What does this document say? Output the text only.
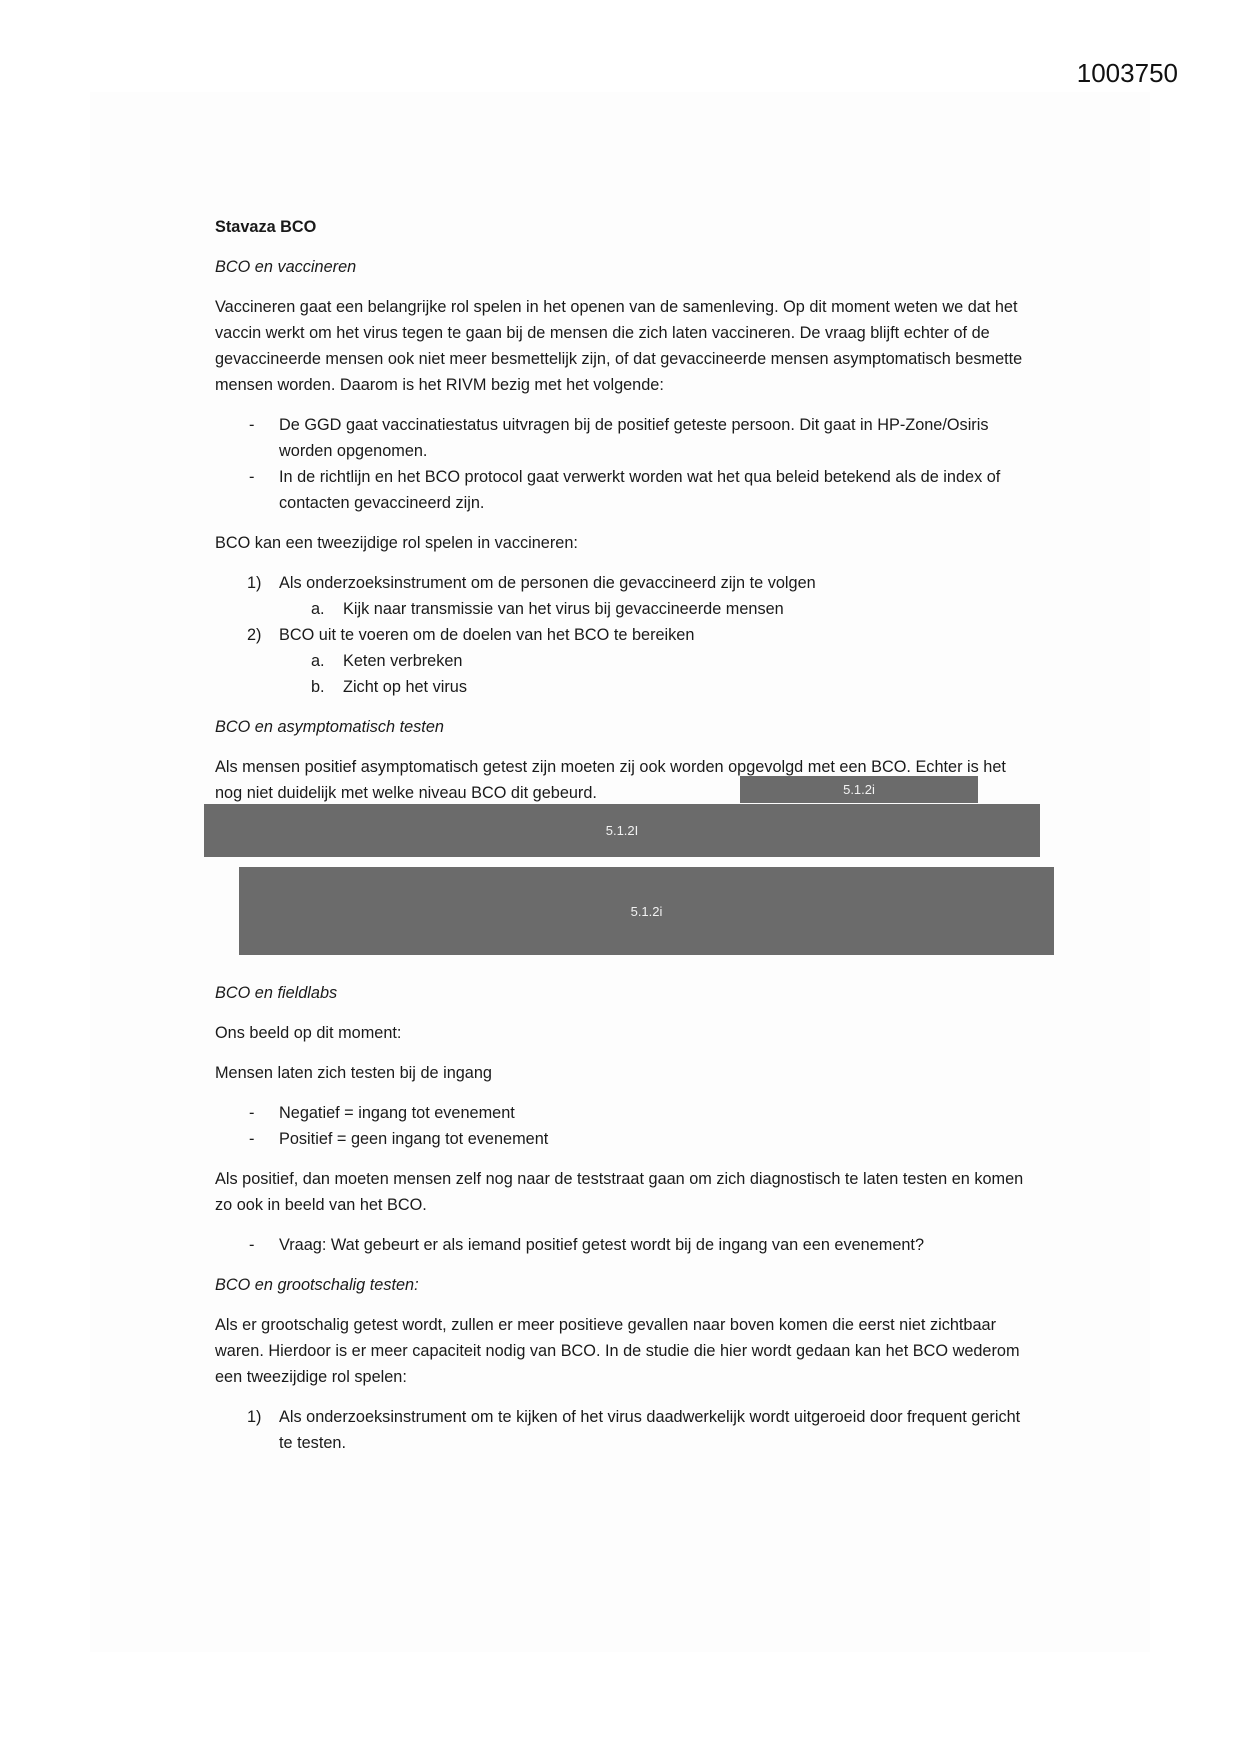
1003750

Stavaza BCO

BCO en vaccineren

Vaccineren gaat een belangrijke rol spelen in het openen van de samenleving. Op dit moment weten we dat het vaccin werkt om het virus tegen te gaan bij de mensen die zich laten vaccineren. De vraag blijft echter of de gevaccineerde mensen ook niet meer besmettelijk zijn, of dat gevaccineerde mensen asymptomatisch besmette mensen worden. Daarom is het RIVM bezig met het volgende:

- De GGD gaat vaccinatiestatus uitvragen bij de positief geteste persoon. Dit gaat in HP-Zone/Osiris worden opgenomen.
- In de richtlijn en het BCO protocol gaat verwerkt worden wat het qua beleid betekend als de index of contacten gevaccineerd zijn.

BCO kan een tweezijdige rol spelen in vaccineren:

1) Als onderzoeksinstrument om de personen die gevaccineerd zijn te volgen
a. Kijk naar transmissie van het virus bij gevaccineerde mensen
2) BCO uit te voeren om de doelen van het BCO te bereiken
a. Keten verbreken
b. Zicht op het virus

BCO en asymptomatisch testen

Als mensen positief asymptomatisch getest zijn moeten zij ook worden opgevolgd met een BCO. Echter is het nog niet duidelijk met welke niveau BCO dit gebeurd.

BCO en fieldlabs

Ons beeld op dit moment:

Mensen laten zich testen bij de ingang

- Negatief = ingang tot evenement
- Positief = geen ingang tot evenement

Als positief, dan moeten mensen zelf nog naar de teststraat gaan om zich diagnostisch te laten testen en komen zo ook in beeld van het BCO.

- Vraag: Wat gebeurt er als iemand positief getest wordt bij de ingang van een evenement?

BCO en grootschalig testen:

Als er grootschalig getest wordt, zullen er meer positieve gevallen naar boven komen die eerst niet zichtbaar waren. Hierdoor is er meer capaciteit nodig van BCO. In de studie die hier wordt gedaan kan het BCO wederom een tweezijdige rol spelen:

1) Als onderzoeksinstrument om te kijken of het virus daadwerkelijk wordt uitgeroeid door frequent gericht te testen.
5.1.2i
5.1.2I
5.1.2i
